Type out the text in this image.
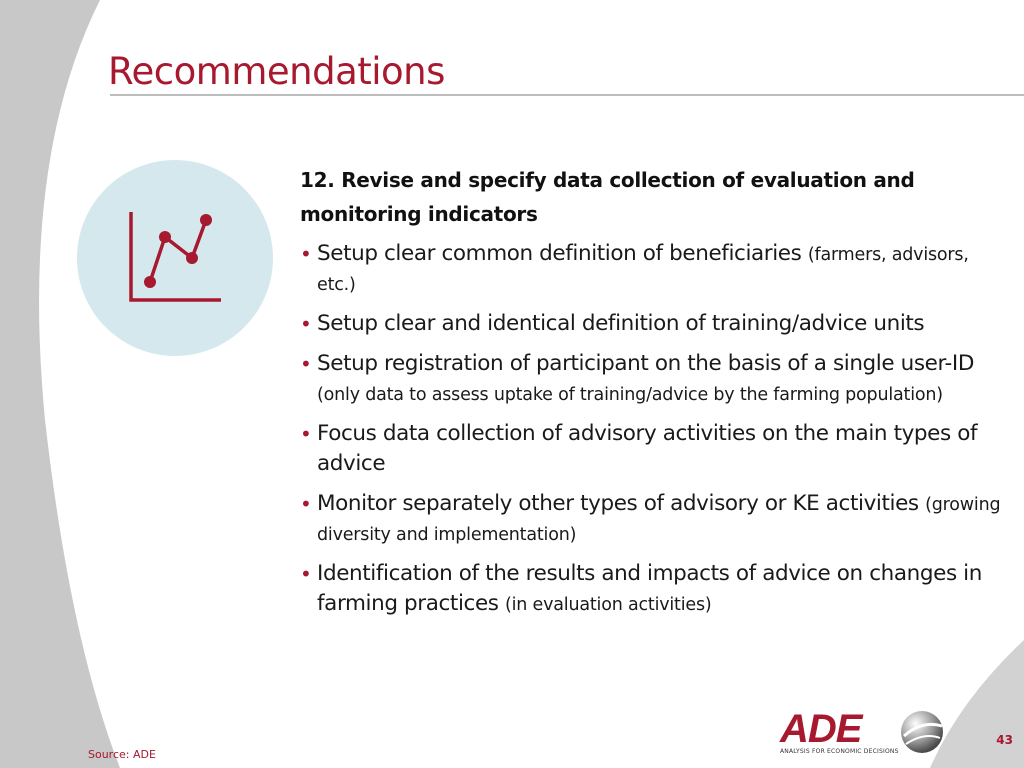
Recommendations
12. Revise and specify data collection of evaluation and monitoring indicators
• Setup clear common definition of beneficiaries (farmers, advisors, etc.)
• Setup clear and identical definition of training/advice units
• Setup registration of participant on the basis of a single user-ID (only data to assess uptake of training/advice by the farming population)
• Focus data collection of advisory activities on the main types of advice
• Monitor separately other types of advisory or KE activities (growing diversity and implementation)
• Identification of the results and impacts of advice on changes in farming practices (in evaluation activities)
Source: ADE
ADE
ANALYSIS FOR ECONOMIC DECISIONS
43
